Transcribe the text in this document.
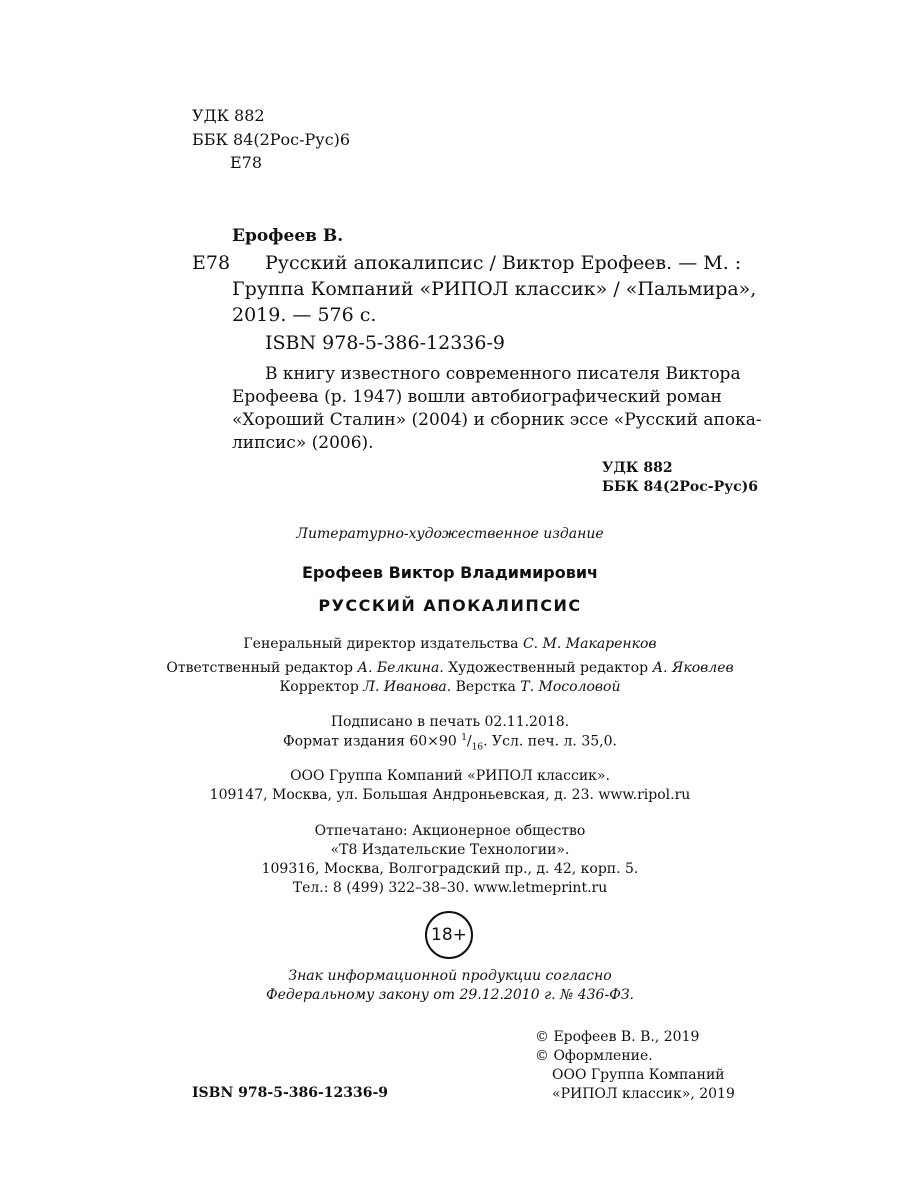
УДК 882
ББК 84(2Рос-Рус)6
Е78
Ерофеев В.
Е78 Русский апокалипсис / Виктор Ерофеев. — М. :
Группа Компаний «РИПОЛ классик» / «Пальмира»,
2019. — 576 с.
ISBN 978-5-386-12336-9
В книгу известного современного писателя Виктора
Ерофеева (р. 1947) вошли автобиографический роман
«Хороший Сталин» (2004) и сборник эссе «Русский апока-
липсис» (2006).
УДК 882
ББК 84(2Рос-Рус)6
Литературно-художественное издание
Ерофеев Виктор Владимирович
РУССКИЙ АПОКАЛИПСИС
Генеральный директор издательства С. М. Макаренков
Ответственный редактор А. Белкина. Художественный редактор А. Яковлев
Корректор Л. Иванова. Верстка Т. Мосоловой
Подписано в печать 02.11.2018.
Формат издания 60×90 $^1/_{16}$. Усл. печ. л. 35,0.
ООО Группа Компаний «РИПОЛ классик».
109147, Москва, ул. Большая Андроньевская, д. 23. www.ripol.ru
Отпечатано: Акционерное общество
«Т8 Издательские Технологии».
109316, Москва, Волгоградский пр., д. 42, корп. 5.
Тел.: 8 (499) 322–38–30. www.letmeprint.ru
18+
Знак информационной продукции согласно
Федеральному закону от 29.12.2010 г. № 436-ФЗ.
ISBN 978-5-386-12336-9
© Ерофеев В. В., 2019
© Оформление.
ООО Группа Компаний
«РИПОЛ классик», 2019
